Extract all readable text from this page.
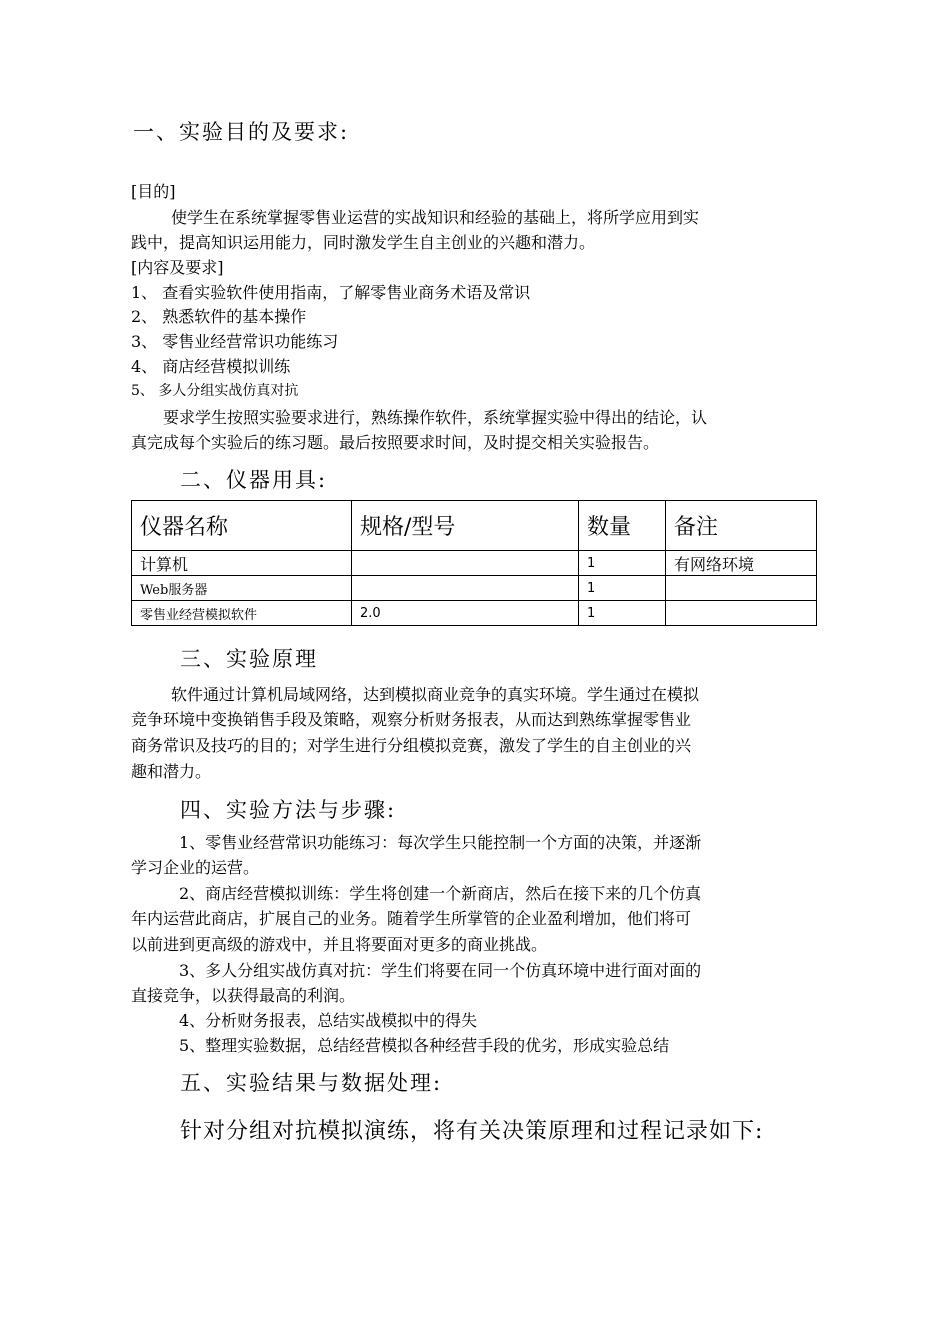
一、实验目的及要求:
[目的]
使学生在系统掌握零售业运营的实战知识和经验的基础上，将所学应用到实
践中，提高知识运用能力，同时激发学生自主创业的兴趣和潜力。
[内容及要求]
1、 查看实验软件使用指南，了解零售业商务术语及常识
2、 熟悉软件的基本操作
3、 零售业经营常识功能练习
4、 商店经营模拟训练
5、 多人分组实战仿真对抗
要求学生按照实验要求进行，熟练操作软件，系统掌握实验中得出的结论，认
真完成每个实验后的练习题。最后按照要求时间，及时提交相关实验报告。
二、仪器用具:
仪器名称	规格/型号	数量	备注
计算机		1	有网络环境
Web服务器		1	
零售业经营模拟软件	2.0	1	
三、实验原理
软件通过计算机局域网络，达到模拟商业竞争的真实环境。学生通过在模拟
竞争环境中变换销售手段及策略，观察分析财务报表，从而达到熟练掌握零售业
商务常识及技巧的目的；对学生进行分组模拟竞赛，激发了学生的自主创业的兴
趣和潜力。
四、实验方法与步骤:
1、零售业经营常识功能练习：每次学生只能控制一个方面的决策，并逐渐
学习企业的运营。
2、商店经营模拟训练：学生将创建一个新商店，然后在接下来的几个仿真
年内运营此商店，扩展自己的业务。随着学生所掌管的企业盈利增加，他们将可
以前进到更高级的游戏中，并且将要面对更多的商业挑战。
3、多人分组实战仿真对抗：学生们将要在同一个仿真环境中进行面对面的
直接竞争，以获得最高的利润。
4、分析财务报表，总结实战模拟中的得失
5、整理实验数据，总结经营模拟各种经营手段的优劣，形成实验总结
五、实验结果与数据处理:
针对分组对抗模拟演练，将有关决策原理和过程记录如下:
